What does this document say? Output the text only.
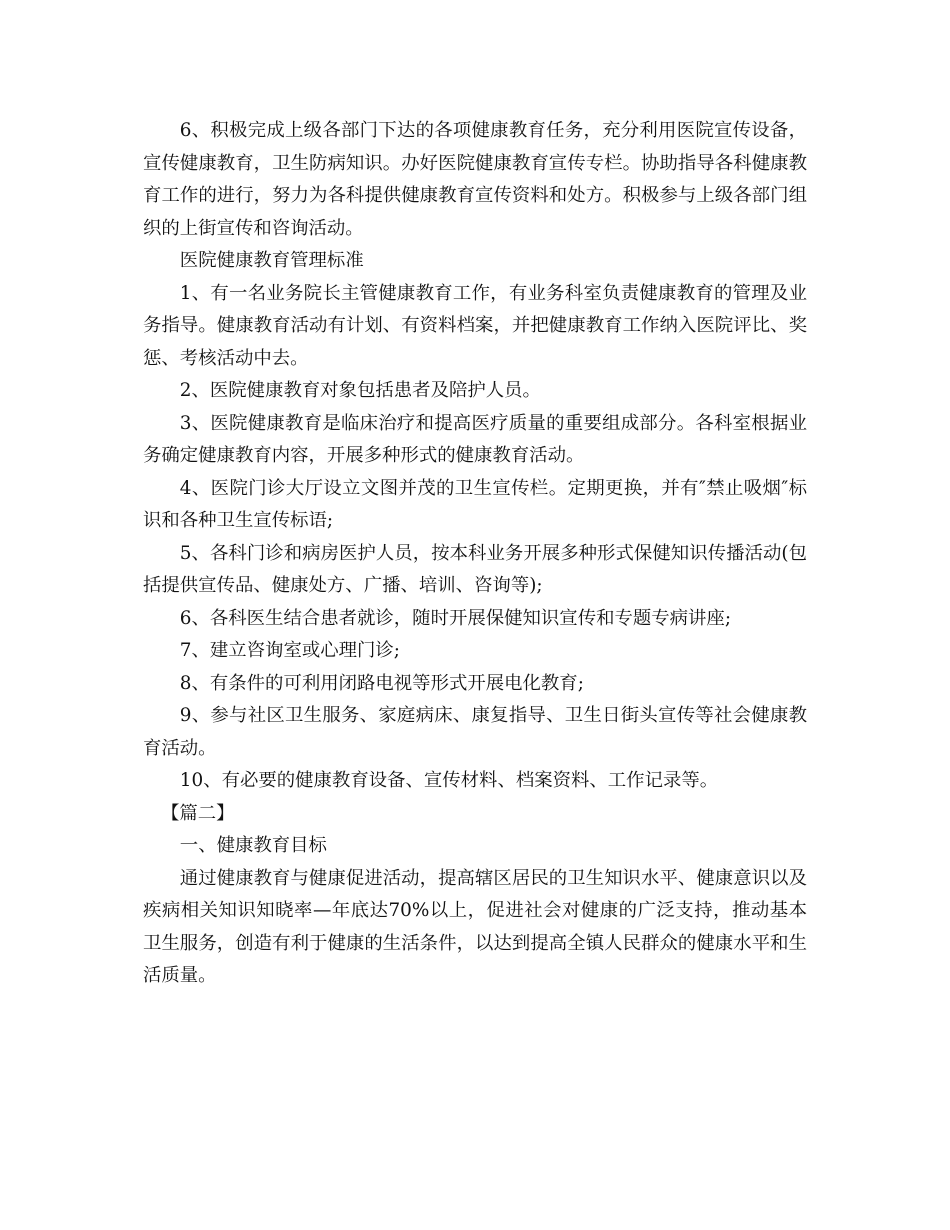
6、积极完成上级各部门下达的各项健康教育任务，充分利用医院宣传设备，宣传健康教育，卫生防病知识。办好医院健康教育宣传专栏。协助指导各科健康教育工作的进行，努力为各科提供健康教育宣传资料和处方。积极参与上级各部门组织的上街宣传和咨询活动。

医院健康教育管理标准

1、有一名业务院长主管健康教育工作，有业务科室负责健康教育的管理及业务指导。健康教育活动有计划、有资料档案，并把健康教育工作纳入医院评比、奖惩、考核活动中去。

2、医院健康教育对象包括患者及陪护人员。

3、医院健康教育是临床治疗和提高医疗质量的重要组成部分。各科室根据业务确定健康教育内容，开展多种形式的健康教育活动。

4、医院门诊大厅设立文图并茂的卫生宣传栏。定期更换，并有″禁止吸烟″标识和各种卫生宣传标语;

5、各科门诊和病房医护人员，按本科业务开展多种形式保健知识传播活动(包括提供宣传品、健康处方、广播、培训、咨询等);

6、各科医生结合患者就诊，随时开展保健知识宣传和专题专病讲座;

7、建立咨询室或心理门诊;

8、有条件的可利用闭路电视等形式开展电化教育;

9、参与社区卫生服务、家庭病床、康复指导、卫生日街头宣传等社会健康教育活动。

10、有必要的健康教育设备、宣传材料、档案资料、工作记录等。

【篇二】

一、健康教育目标

通过健康教育与健康促进活动，提高辖区居民的卫生知识水平、健康意识以及疾病相关知识知晓率—年底达70%以上，促进社会对健康的广泛支持，推动基本卫生服务，创造有利于健康的生活条件，以达到提高全镇人民群众的健康水平和生活质量。
